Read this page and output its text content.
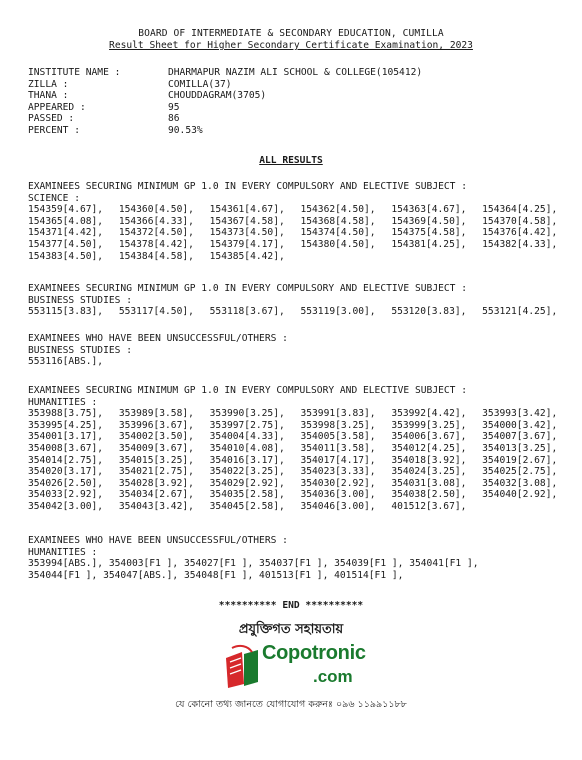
BOARD OF INTERMEDIATE & SECONDARY EDUCATION, CUMILLA
Result Sheet for Higher Secondary Certificate Examination, 2023
INSTITUTE NAME :	DHARMAPUR NAZIM ALI SCHOOL & COLLEGE(105412)
ZILLA :	COMILLA(37)
THANA :	CHOUDDAGRAM(3705)
APPEARED :	95
PASSED :	86
PERCENT :	90.53%
ALL RESULTS
EXAMINEES SECURING MINIMUM GP 1.0 IN EVERY COMPULSORY AND ELECTIVE SUBJECT :
SCIENCE :
154359[4.67],	154360[4.50],	154361[4.67],	154362[4.50],	154363[4.67],	154364[4.25],
154365[4.08],	154366[4.33],	154367[4.58],	154368[4.58],	154369[4.50],	154370[4.58],
154371[4.42],	154372[4.50],	154373[4.50],	154374[4.50],	154375[4.58],	154376[4.42],
154377[4.50],	154378[4.42],	154379[4.17],	154380[4.50],	154381[4.25],	154382[4.33],
154383[4.50],	154384[4.58],	154385[4.42],
EXAMINEES SECURING MINIMUM GP 1.0 IN EVERY COMPULSORY AND ELECTIVE SUBJECT :
BUSINESS STUDIES :
553115[3.83],	553117[4.50],	553118[3.67],	553119[3.00],	553120[3.83],	553121[4.25],
EXAMINEES WHO HAVE BEEN UNSUCCESSFUL/OTHERS :
BUSINESS STUDIES :
553116[ABS.],
EXAMINEES SECURING MINIMUM GP 1.0 IN EVERY COMPULSORY AND ELECTIVE SUBJECT :
HUMANITIES :
353988[3.75],	353989[3.58],	353990[3.25],	353991[3.83],	353992[4.42],	353993[3.42],
353995[4.25],	353996[3.67],	353997[2.75],	353998[3.25],	353999[3.25],	354000[3.42],
354001[3.17],	354002[3.50],	354004[4.33],	354005[3.58],	354006[3.67],	354007[3.67],
354008[3.67],	354009[3.67],	354010[4.08],	354011[3.58],	354012[4.25],	354013[3.25],
354014[2.75],	354015[3.25],	354016[3.17],	354017[4.17],	354018[3.92],	354019[2.67],
354020[3.17],	354021[2.75],	354022[3.25],	354023[3.33],	354024[3.25],	354025[2.75],
354026[2.50],	354028[3.92],	354029[2.92],	354030[2.92],	354031[3.08],	354032[3.08],
354033[2.92],	354034[2.67],	354035[2.58],	354036[3.00],	354038[2.50],	354040[2.92],
354042[3.00],	354043[3.42],	354045[2.58],	354046[3.00],	401512[3.67],
EXAMINEES WHO HAVE BEEN UNSUCCESSFUL/OTHERS :
HUMANITIES :
353994[ABS.], 354003[F1 ], 354027[F1 ], 354037[F1 ], 354039[F1 ], 354041[F1 ],
354044[F1 ], 354047[ABS.], 354048[F1 ], 401513[F1 ], 401514[F1 ],
********** END **********
প্রযুক্তিগত সহায়তায়
Copotronic
.com
যে কোনো তথ্য জানতে যোগাযোগ করুনঃ ০৯৬ ১১৯৯১১৮৮
